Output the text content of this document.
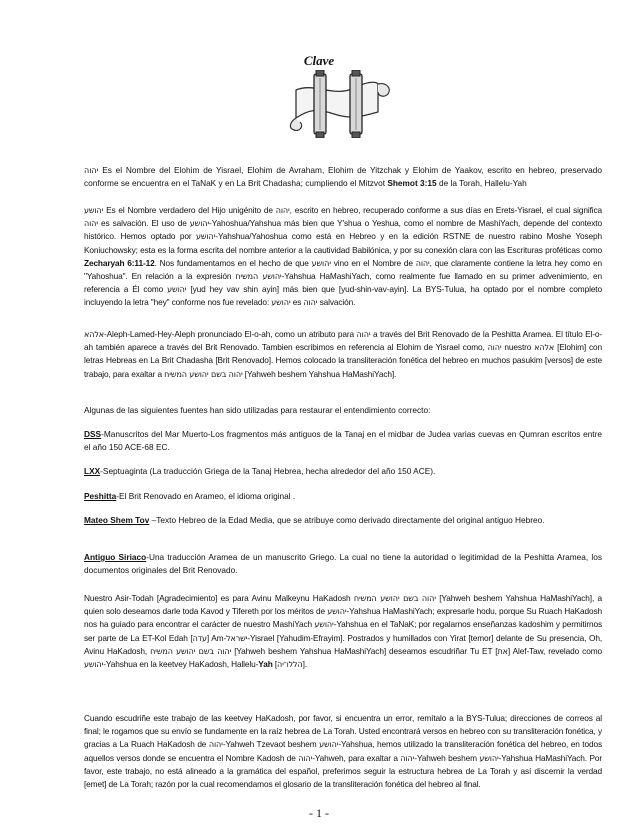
Clave

יהוה Es el Nombre del Elohim de Yisrael, Elohim de Avraham, Elohim de Yitzchak y Elohim de Yaakov, escrito en hebreo, preservado conforme se encuentra en el TaNaK y en La Brit Chadasha; cumpliendo el Mitzvot Shemot 3:15 de la Torah, Hallelu-Yah

יהושע Es el Nombre verdadero del Hijo unigénito de יהוה, escrito en hebreo, recuperado conforme a sus días en Erets-Yisrael, el cual significa יהוה es salvación. El uso de יהושע-Yahoshua/Yahshua más bien que Y'shua o Yeshua, como el nombre de MashiYach, depende del contexto histórico. Hemos optado por יהושע-Yahshua/Yahoshua como está en Hebreo y en la edición RSTNE de nuestro rabino Moshe Yoseph Koniuchowsky; esta es la forma escrita del nombre anterior a la cautividad Babilónica, y por su conexión clara con las Escrituras proféticas como Zecharyah 6:11-12. Nos fundamentamos en el hecho de que יהושע vino en el Nombre de יהוה, que claramente contiene la letra hey como en "Yahoshua". En relación a la expresión יהושע המשיח-Yahshua HaMashiYach, como realmente fue llamado en su primer advenimiento, en referencia a Él como יהושע [yud hey vav shin ayin] más bien que [yud-shin-vav-ayin]. La BYS-Tulua, ha optado por el nombre completo incluyendo la letra "hey" conforme nos fue revelado: יהושע es יהוה salvación.

אלהא-Aleph-Lamed-Hey-Aleph pronunciado El-o-ah, como un atributo para יהוה a través del Brit Renovado de la Peshitta Aramea. El título El-o-ah también aparece a través del Brit Renovado. Tambien escribimos en referencia al Elohim de Yisrael como, יהוה nuestro אלהא [Elohim] con letras Hebreas en La Brit Chadasha [Brit Renovado]. Hemos colocado la transliteración fonética del hebreo en muchos pasukim [versos] de este trabajo, para exaltar a יהוה בשם יהושע המשיח [Yahweh beshem Yahshua HaMashiYach].

Algunas de las siguientes fuentes han sido utilizadas para restaurar el entendimiento correcto:

DSS-Manuscritos del Mar Muerto-Los fragmentos más antiguos de la Tanaj en el midbar de Judea varias cuevas en Qumran escritos entre el año 150 ACE-68 EC.

LXX-Septuaginta (La traducción Griega de la Tanaj Hebrea, hecha alrededor del año 150 ACE).

Peshitta-El Brit Renovado en Arameo, el idioma original .

Mateo Shem Tov –Texto Hebreo de la Edad Media, que se atribuye como derivado directamente del original antiguo Hebreo.

Antiguo Siriaco-Una traducción Aramea de un manuscrito Griego. La cual no tiene la autoridad o legitimidad de la Peshitta Aramea, los documentos originales del Brit Renovado.

Nuestro Asir-Todah [Agradecimiento] es para Avinu Malkeynu HaKadosh יהוה בשם יהושע המשיח [Yahweh beshem Yahshua HaMashiYach], a quien solo deseamos darle toda Kavod y Tifereth por los méritos de יהושע-Yahshua HaMashiYach; expresarle hodu, porque Su Ruach HaKadosh nos ha guiado para encontrar el carácter de nuestro MashiYach יהושע-Yahshua en el TaNaK; por regalarnos enseñanzas kadoshim y permitirnos ser parte de La ET-Kol Edah [עדה] Am-ישראל-Yisrael [Yahudim-Efrayim]. Postrados y humillados con Yirat [temor] delante de Su presencia, Oh, Avinu HaKadosh, יהוה בשם יהושע המשיח [Yahweh beshem Yahshua HaMashiYach] deseamos escudriñar Tu ET [את] Alef-Taw, revelado como יהושע-Yahshua en la keetvey HaKadosh, Hallelu-Yah [הללו־יה].

Cuando escudriñe este trabajo de las keetvey HaKadosh, por favor, si encuentra un error, remítalo a la BYS-Tulua; direcciones de correos al final; le rogamos que su envío se fundamente en la raíz hebrea de La Torah. Usted encontrará versos en hebreo con su transliteración fonética, y gracias a La Ruach HaKadosh de יהוה-Yahweh Tzevaot beshem יהושע-Yahshua, hemos utilizado la transliteración fonética del hebreo, en todos aquellos versos donde se encuentra el Nombre Kadosh de יהוה-Yahweh, para exaltar a יהוה-Yahweh beshem יהושע-Yahshua HaMashiYach. Por favor, este trabajo, no está alineado a la gramática del español, preferimos seguir la estructura hebrea de La Torah y así discernir la verdad [emet] de La Torah; razón por la cual recomendamos el glosario de la transliteración fonética del hebreo al final.

- 1 -
